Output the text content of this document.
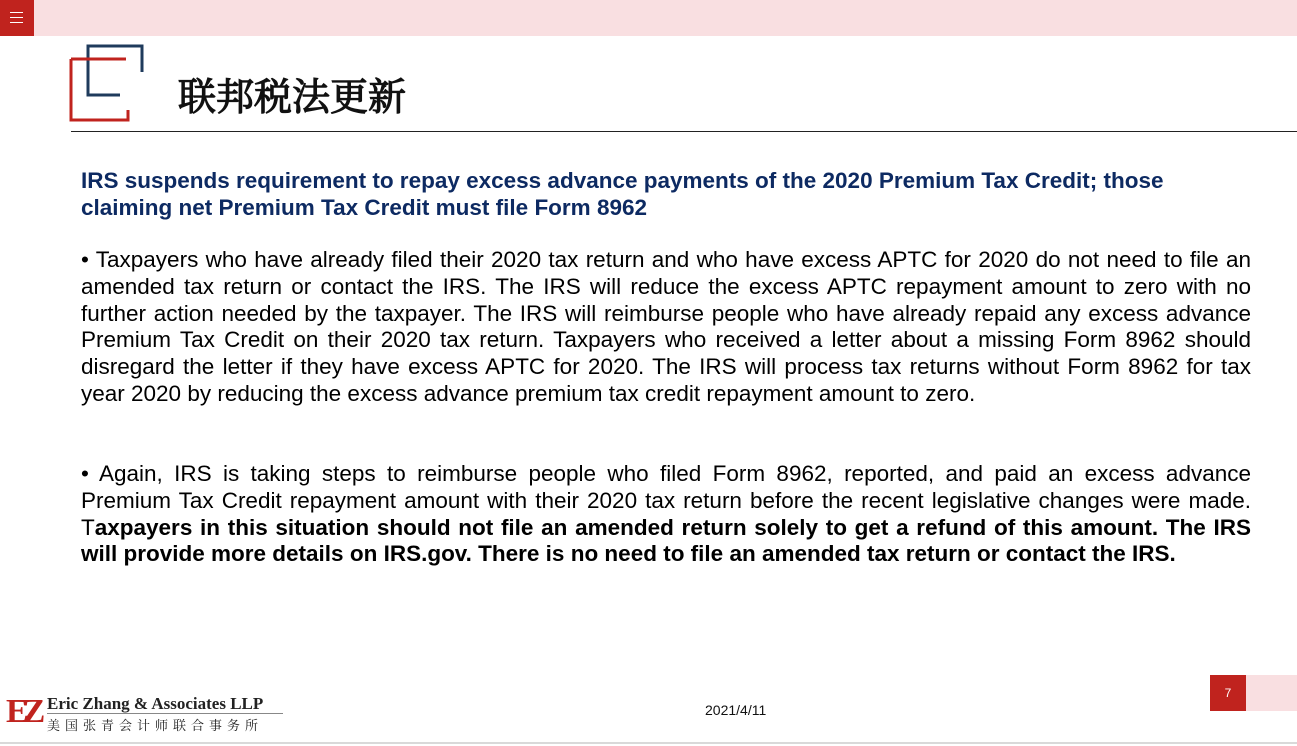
联邦税法更新
IRS suspends requirement to repay excess advance payments of the 2020 Premium Tax Credit; those claiming net Premium Tax Credit must file Form 8962
• Taxpayers who have already filed their 2020 tax return and who have excess APTC for 2020 do not need to file an amended tax return or contact the IRS. The IRS will reduce the excess APTC repayment amount to zero with no further action needed by the taxpayer. The IRS will reimburse people who have already repaid any excess advance Premium Tax Credit on their 2020 tax return. Taxpayers who received a letter about a missing Form 8962 should disregard the letter if they have excess APTC for 2020. The IRS will process tax returns without Form 8962 for tax year 2020 by reducing the excess advance premium tax credit repayment amount to zero.
• Again, IRS is taking steps to reimburse people who filed Form 8962, reported, and paid an excess advance Premium Tax Credit repayment amount with their 2020 tax return before the recent legislative changes were made. Taxpayers in this situation should not file an amended return solely to get a refund of this amount. The IRS will provide more details on IRS.gov. There is no need to file an amended tax return or contact the IRS.
EZ Eric Zhang & Associates LLP
美国张青会计师联合事务所
2021/4/11
7
